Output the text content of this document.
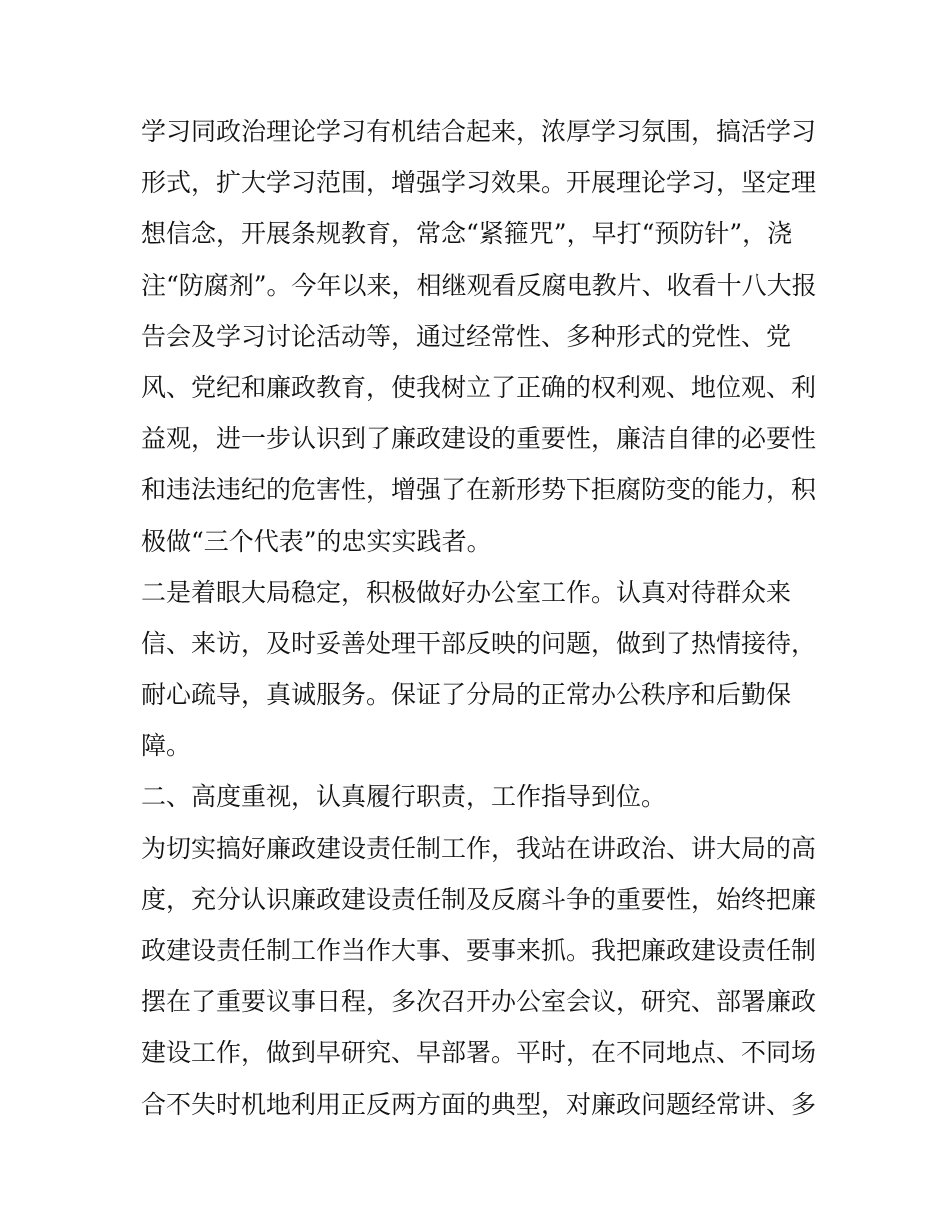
学习同政治理论学习有机结合起来，浓厚学习氛围，搞活学习
形式，扩大学习范围，增强学习效果。开展理论学习，坚定理
想信念，开展条规教育，常念“紧箍咒”，早打“预防针”，浇
注“防腐剂”。今年以来，相继观看反腐电教片、收看十八大报
告会及学习讨论活动等，通过经常性、多种形式的党性、党
风、党纪和廉政教育，使我树立了正确的权利观、地位观、利
益观，进一步认识到了廉政建设的重要性，廉洁自律的必要性
和违法违纪的危害性，增强了在新形势下拒腐防变的能力，积
极做“三个代表”的忠实实践者。
二是着眼大局稳定，积极做好办公室工作。认真对待群众来
信、来访，及时妥善处理干部反映的问题，做到了热情接待，
耐心疏导，真诚服务。保证了分局的正常办公秩序和后勤保
障。
二、高度重视，认真履行职责，工作指导到位。
为切实搞好廉政建设责任制工作，我站在讲政治、讲大局的高
度，充分认识廉政建设责任制及反腐斗争的重要性，始终把廉
政建设责任制工作当作大事、要事来抓。我把廉政建设责任制
摆在了重要议事日程，多次召开办公室会议，研究、部署廉政
建设工作，做到早研究、早部署。平时，在不同地点、不同场
合不失时机地利用正反两方面的典型，对廉政问题经常讲、多
